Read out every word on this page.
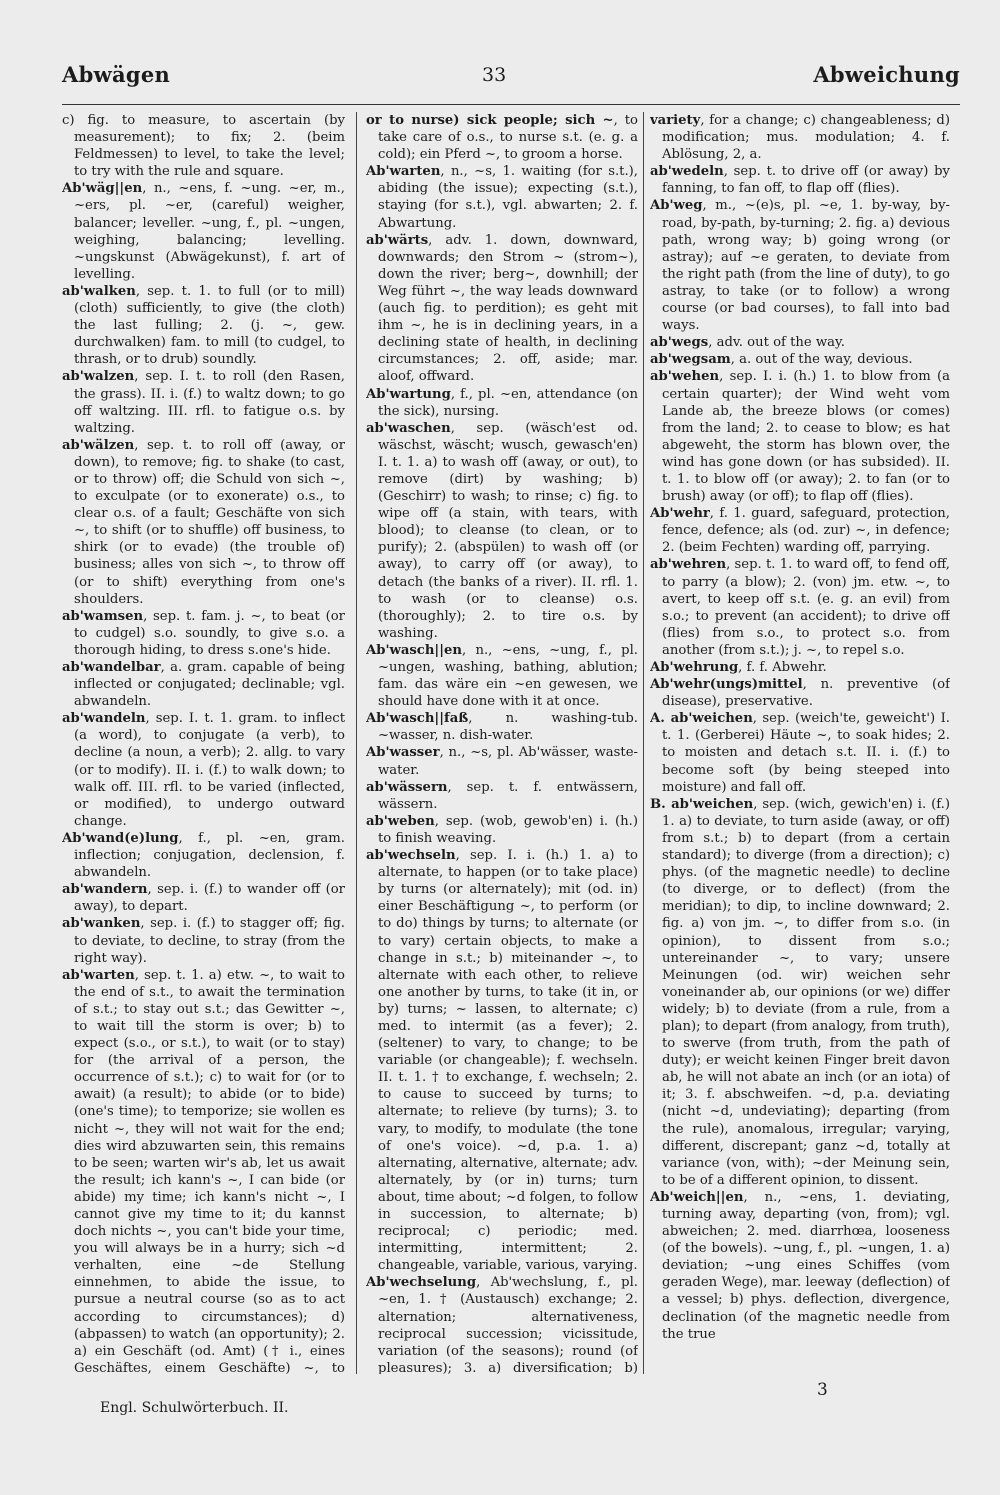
Abwägen	33	Abweichung

c) fig. to measure, to ascertain (by measurement); to fix; 2. (beim Feldmessen) to level, to take the level; to try with the rule and square.

Ab'wäg||en, n., ~ens, f. ~ung. ~er, m., ~ers, pl. ~er, (careful) weigher, balancer; leveller. ~ung, f., pl. ~ungen, weighing, balancing; levelling. ~ungskunst (Abwägekunst), f. art of levelling.

ab'walken, sep. t. 1. to full (or to mill) (cloth) sufficiently, to give (the cloth) the last fulling; 2. (j. ~, gew. durchwalken) fam. to mill (to cudgel, to thrash, or to drub) soundly.

ab'walzen, sep. I. t. to roll (den Rasen, the grass). II. i. (f.) to waltz down; to go off waltzing. III. rfl. to fatigue o.s. by waltzing.

ab'wälzen, sep. t. to roll off (away, or down), to remove; fig. to shake (to cast, or to throw) off; die Schuld von sich ~, to exculpate (or to exonerate) o.s., to clear o.s. of a fault; Geschäfte von sich ~, to shift (or to shuffle) off business, to shirk (or to evade) (the trouble of) business; alles von sich ~, to throw off (or to shift) everything from one's shoulders.

ab'wamsen, sep. t. fam. j. ~, to beat (or to cudgel) s.o. soundly, to give s.o. a thorough hiding, to dress s.one's hide.

ab'wandelbar, a. gram. capable of being inflected or conjugated; declinable; vgl. abwandeln.

ab'wandeln, sep. I. t. 1. gram. to inflect (a word), to conjugate (a verb), to decline (a noun, a verb); 2. allg. to vary (or to modify). II. i. (f.) to walk down; to walk off. III. rfl. to be varied (inflected, or modified), to undergo outward change.

Ab'wand(e)lung, f., pl. ~en, gram. inflection; conjugation, declension, f. abwandeln.

ab'wandern, sep. i. (f.) to wander off (or away), to depart.

ab'wanken, sep. i. (f.) to stagger off; fig. to deviate, to decline, to stray (from the right way).

ab'warten, sep. t. 1. a) etw. ~, to wait to the end of s.t., to await the termination of s.t.; to stay out s.t.; das Gewitter ~, to wait till the storm is over; b) to expect (s.o., or s.t.), to wait (or to stay) for (the arrival of a person, the occurrence of s.t.); c) to wait for (or to await) (a result); to abide (or to bide) (one's time); to temporize; sie wollen es nicht ~, they will not wait for the end; dies wird abzuwarten sein, this remains to be seen; warten wir's ab, let us await the result; ich kann's ~, I can bide (or abide) my time; ich kann's nicht ~, I cannot give my time to it; du kannst doch nichts ~, you can't bide your time, you will always be in a hurry; sich ~d verhalten, eine ~de Stellung einnehmen, to abide the issue, to pursue a neutral course (so as to act according to circumstances); d) (abpassen) to watch (an opportunity); 2. a) ein Geschäft (od. Amt) († i., eines Geschäftes, einem Geschäfte) ~, to

or to nurse) sick people; sich ~, to take care of o.s., to nurse s.t. (e. g. a cold); ein Pferd ~, to groom a horse.

Ab'warten, n., ~s, 1. waiting (for s.t.), abiding (the issue); expecting (s.t.), staying (for s.t.), vgl. abwarten; 2. f. Abwartung.

ab'wärts, adv. 1. down, downward, downwards; den Strom ~ (strom~), down the river; berg~, downhill; der Weg führt ~, the way leads downward (auch fig. to perdition); es geht mit ihm ~, he is in declining years, in a declining state of health, in declining circumstances; 2. off, aside; mar. aloof, offward.

Ab'wartung, f., pl. ~en, attendance (on the sick), nursing.

ab'waschen, sep. (wäsch'est od. wäschst, wäscht; wusch, gewasch'en) I. t. 1. a) to wash off (away, or out), to remove (dirt) by washing; b) (Geschirr) to wash; to rinse; c) fig. to wipe off (a stain, with tears, with blood); to cleanse (to clean, or to purify); 2. (abspülen) to wash off (or away), to carry off (or away), to detach (the banks of a river). II. rfl. 1. to wash (or to cleanse) o.s. (thoroughly); 2. to tire o.s. by washing.

Ab'wasch||en, n., ~ens, ~ung, f., pl. ~ungen, washing, bathing, ablution; fam. das wäre ein ~en gewesen, we should have done with it at once.

Ab'wasch||faß, n. washing-tub. ~wasser, n. dish-water.

Ab'wasser, n., ~s, pl. Ab'wässer, waste-water.

ab'wässern, sep. t. f. entwässern, wässern.

ab'weben, sep. (wob, gewob'en) i. (h.) to finish weaving.

ab'wechseln, sep. I. i. (h.) 1. a) to alternate, to happen (or to take place) by turns (or alternately); mit (od. in) einer Beschäftigung ~, to perform (or to do) things by turns; to alternate (or to vary) certain objects, to make a change in s.t.; b) miteinander ~, to alternate with each other, to relieve one another by turns, to take (it in, or by) turns; ~ lassen, to alternate; c) med. to intermit (as a fever); 2. (seltener) to vary, to change; to be variable (or changeable); f. wechseln. II. t. 1. † to exchange, f. wechseln; 2. to cause to succeed by turns; to alternate; to relieve (by turns); 3. to vary, to modify, to modulate (the tone of one's voice). ~d, p.a. 1. a) alternating, alternative, alternate; adv. alternately, by (or in) turns; turn about, time about; ~d folgen, to follow in succession, to alternate; b) reciprocal; c) periodic; med. intermitting, intermittent; 2. changeable, variable, various, varying.

Ab'wechselung, Ab'wechslung, f., pl. ~en, 1. † (Austausch) exchange; 2. alternation; alternativeness, reciprocal succession; vicissitude, variation (of the seasons); round (of pleasures); 3. a) diversification; b)

variety, for a change; c) changeableness; d) modification; mus. modulation; 4. f. Ablösung, 2, a.

ab'wedeln, sep. t. to drive off (or away) by fanning, to fan off, to flap off (flies).

Ab'weg, m., ~(e)s, pl. ~e, 1. by-way, by-road, by-path, by-turning; 2. fig. a) devious path, wrong way; b) going wrong (or astray); auf ~e geraten, to deviate from the right path (from the line of duty), to go astray, to take (or to follow) a wrong course (or bad courses), to fall into bad ways.

ab'wegs, adv. out of the way.

ab'wegsam, a. out of the way, devious.

ab'wehen, sep. I. i. (h.) 1. to blow from (a certain quarter); der Wind weht vom Lande ab, the breeze blows (or comes) from the land; 2. to cease to blow; es hat abgeweht, the storm has blown over, the wind has gone down (or has subsided). II. t. 1. to blow off (or away); 2. to fan (or to brush) away (or off); to flap off (flies).

Ab'wehr, f. 1. guard, safeguard, protection, fence, defence; als (od. zur) ~, in defence; 2. (beim Fechten) warding off, parrying.

ab'wehren, sep. t. 1. to ward off, to fend off, to parry (a blow); 2. (von) jm. etw. ~, to avert, to keep off s.t. (e. g. an evil) from s.o.; to prevent (an accident); to drive off (flies) from s.o., to protect s.o. from another (from s.t.); j. ~, to repel s.o.

Ab'wehrung, f. f. Abwehr.

Ab'wehr(ungs)mittel, n. preventive (of disease), preservative.

A. ab'weichen, sep. (weich'te, geweicht') I. t. 1. (Gerberei) Häute ~, to soak hides; 2. to moisten and detach s.t. II. i. (f.) to become soft (by being steeped into moisture) and fall off.

B. ab'weichen, sep. (wich, gewich'en) i. (f.) 1. a) to deviate, to turn aside (away, or off) from s.t.; b) to depart (from a certain standard); to diverge (from a direction); c) phys. (of the magnetic needle) to decline (to diverge, or to deflect) (from the meridian); to dip, to incline downward; 2. fig. a) von jm. ~, to differ from s.o. (in opinion), to dissent from s.o.; untereinander ~, to vary; unsere Meinungen (od. wir) weichen sehr voneinander ab, our opinions (or we) differ widely; b) to deviate (from a rule, from a plan); to depart (from analogy, from truth), to swerve (from truth, from the path of duty); er weicht keinen Finger breit davon ab, he will not abate an inch (or an iota) of it; 3. f. abschweifen. ~d, p.a. deviating (nicht ~d, undeviating); departing (from the rule), anomalous, irregular; varying, different, discrepant; ganz ~d, totally at variance (von, with); ~der Meinung sein, to be of a different opinion, to dissent.

Ab'weich||en, n., ~ens, 1. deviating, turning away, departing (von, from); vgl. abweichen; 2. med. diarrhœa, looseness (of the bowels). ~ung, f., pl. ~ungen, 1. a) deviation; ~ung eines Schiffes (vom geraden Wege), mar. leeway (deflection) of a vessel; b) phys. deflection, divergence, declination (of the magnetic needle from the true

Engl. Schulwörterbuch. II.
3
